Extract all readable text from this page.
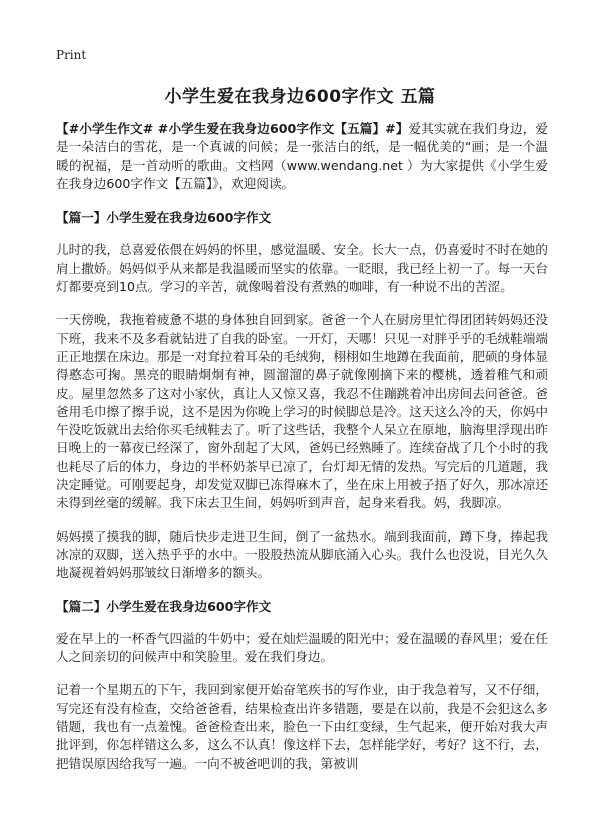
Print
小学生爱在我身边600字作文 五篇

【#小学生作文# #小学生爱在我身边600字作文【五篇】#】爱其实就在我们身边，爱是一朵洁白的雪花，是一个真诚的问候；是一张洁白的纸，是一幅优美的“画；是一个温暖的祝福，是一首动听的歌曲。文档网（www.wendang.net ）为大家提供《小学生爱在我身边600字作文【五篇】》，欢迎阅读。

【篇一】小学生爱在我身边600字作文

儿时的我，总喜爱依偎在妈妈的怀里，感觉温暖、安全。长大一点，仍喜爱时不时在她的肩上撒娇。妈妈似乎从来都是我温暖而坚实的依靠。一眨眼，我已经上初一了。每一天台灯都要亮到10点。学习的辛苦，就像喝着没有煮熟的咖啡，有一种说不出的苦涩。

一天傍晚，我拖着疲惫不堪的身体独自回到家。爸爸一个人在厨房里忙得团团转妈妈还没下班，我来不及多看就钻进了自我的卧室。一开灯，天哪！只见一对胖乎乎的毛绒鞋端端正正地摆在床边。那是一对耷拉着耳朵的毛绒狗，栩栩如生地蹲在我面前，肥硕的身体显得憨态可掬。黑亮的眼睛炯炯有神，圆溜溜的鼻子就像刚摘下来的樱桃，透着稚气和顽皮。屋里忽然多了这对小家伙，真让人又惊又喜，我忍不住蹦跳着冲出房间去问爸爸。爸爸用毛巾擦了擦手说，这不是因为你晚上学习的时候脚总是冷。这天这么冷的天，你妈中午没吃饭就出去给你买毛绒鞋去了。听了这些话，我整个人呆立在原地，脑海里浮现出昨日晚上的一幕夜已经深了，窗外刮起了大风，爸妈已经熟睡了。连续奋战了几个小时的我也耗尽了后的体力，身边的半杯奶茶早已凉了，台灯却无情的发热。写完后的几道题，我决定睡觉。可刚要起身，却发觉双脚已冻得麻木了，坐在床上用被子捂了好久，那冰凉还未得到丝毫的缓解。我下床去卫生间，妈妈听到声音，起身来看我。妈，我脚凉。

妈妈摸了摸我的脚，随后快步走进卫生间，倒了一盆热水。端到我面前，蹲下身，捧起我冰凉的双脚，送入热乎乎的水中。一股股热流从脚底涌入心头。我什么也没说，目光久久地凝视着妈妈那皱纹日渐增多的额头。

【篇二】小学生爱在我身边600字作文

爱在早上的一杯香气四溢的牛奶中；爱在灿烂温暖的阳光中；爱在温暖的春风里；爱在任人之间亲切的问候声中和笑脸里。爱在我们身边。

记着一个星期五的下午，我回到家便开始奋笔疾书的写作业，由于我急着写，又不仔细，写完还有没有检查，交给爸爸看，结果检查出许多错题，要是在以前，我是不会犯这么多错题，我也有一点羞愧。爸爸检查出来，脸色一下由红变绿，生气起来，便开始对我大声批评到，你怎样错这么多，这么不认真！像这样下去，怎样能学好，考好？这不行，去，把错误原因给我写一遍。一向不被爸吧训的我，第被训
